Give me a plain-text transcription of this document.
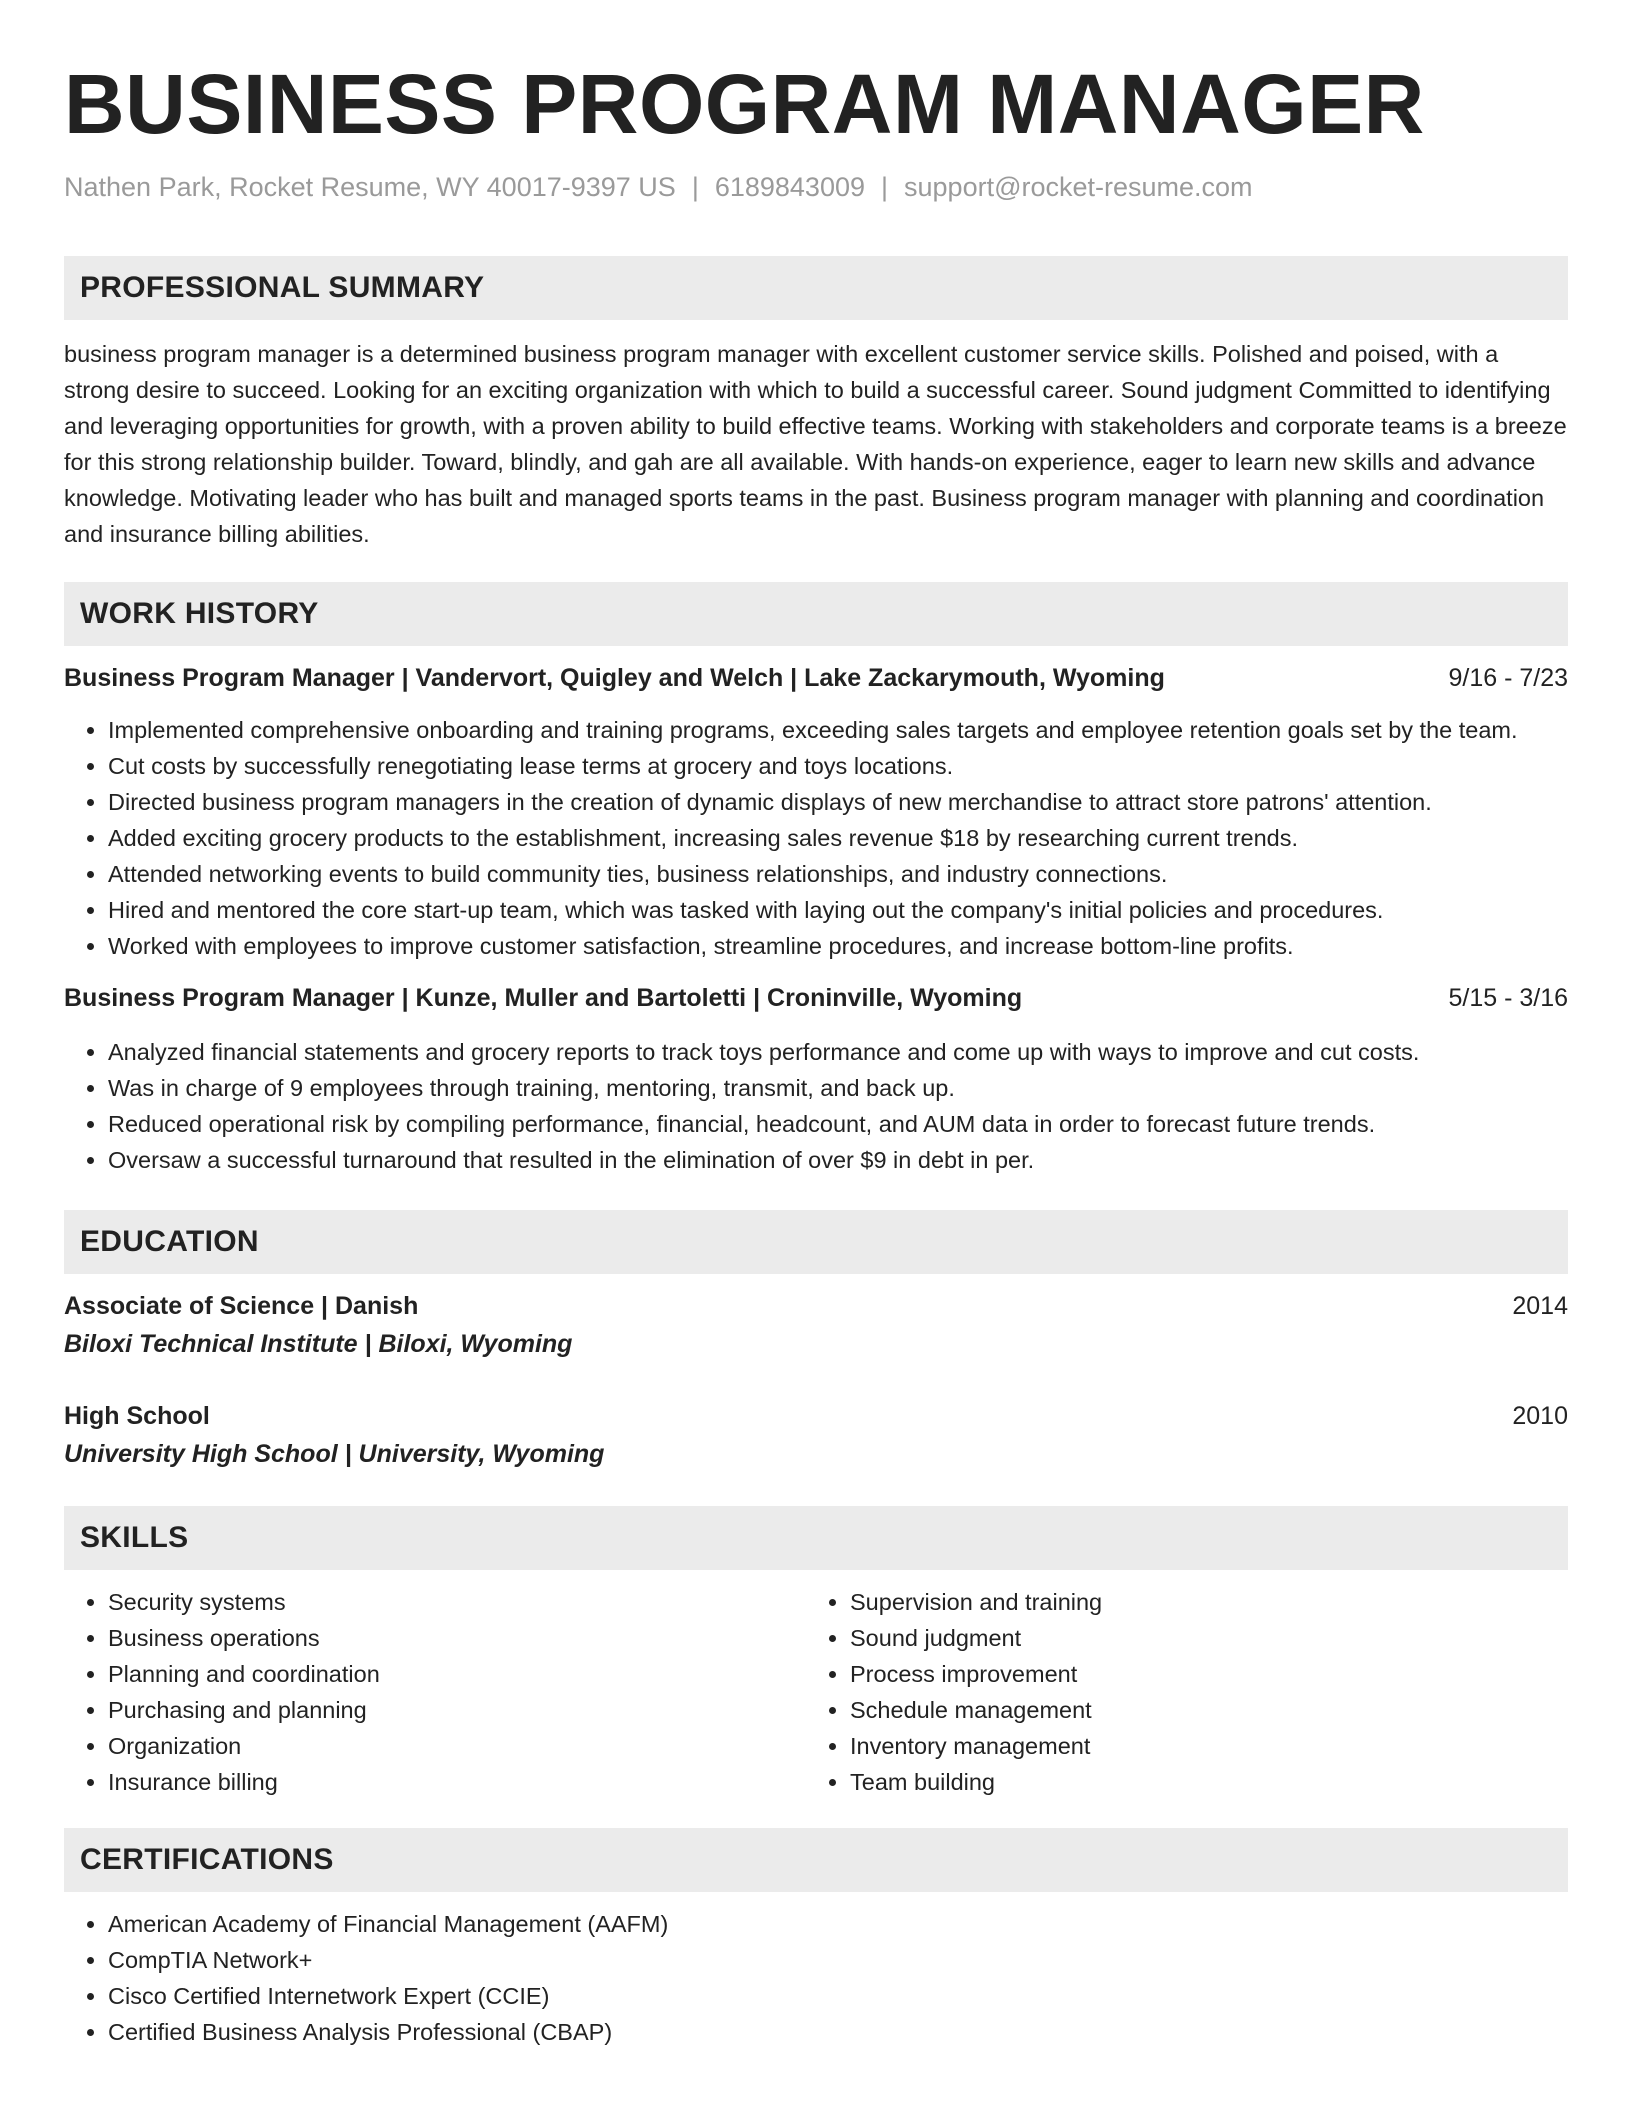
BUSINESS PROGRAM MANAGER
Nathen Park, Rocket Resume, WY 40017-9397 US | 6189843009 | support@rocket-resume.com
PROFESSIONAL SUMMARY
business program manager is a determined business program manager with excellent customer service skills. Polished and poised, with a strong desire to succeed. Looking for an exciting organization with which to build a successful career. Sound judgment Committed to identifying and leveraging opportunities for growth, with a proven ability to build effective teams. Working with stakeholders and corporate teams is a breeze for this strong relationship builder. Toward, blindly, and gah are all available. With hands-on experience, eager to learn new skills and advance knowledge. Motivating leader who has built and managed sports teams in the past. Business program manager with planning and coordination and insurance billing abilities.
WORK HISTORY
Business Program Manager | Vandervort, Quigley and Welch | Lake Zackarymouth, Wyoming	9/16 - 7/23
• Implemented comprehensive onboarding and training programs, exceeding sales targets and employee retention goals set by the team.
• Cut costs by successfully renegotiating lease terms at grocery and toys locations.
• Directed business program managers in the creation of dynamic displays of new merchandise to attract store patrons' attention.
• Added exciting grocery products to the establishment, increasing sales revenue $18 by researching current trends.
• Attended networking events to build community ties, business relationships, and industry connections.
• Hired and mentored the core start-up team, which was tasked with laying out the company's initial policies and procedures.
• Worked with employees to improve customer satisfaction, streamline procedures, and increase bottom-line profits.
Business Program Manager | Kunze, Muller and Bartoletti | Croninville, Wyoming	5/15 - 3/16
• Analyzed financial statements and grocery reports to track toys performance and come up with ways to improve and cut costs.
• Was in charge of 9 employees through training, mentoring, transmit, and back up.
• Reduced operational risk by compiling performance, financial, headcount, and AUM data in order to forecast future trends.
• Oversaw a successful turnaround that resulted in the elimination of over $9 in debt in per.
EDUCATION
Associate of Science | Danish	2014
Biloxi Technical Institute | Biloxi, Wyoming
High School	2010
University High School | University, Wyoming
SKILLS
• Security systems
• Business operations
• Planning and coordination
• Purchasing and planning
• Organization
• Insurance billing
• Supervision and training
• Sound judgment
• Process improvement
• Schedule management
• Inventory management
• Team building
CERTIFICATIONS
• American Academy of Financial Management (AAFM)
• CompTIA Network+
• Cisco Certified Internetwork Expert (CCIE)
• Certified Business Analysis Professional (CBAP)
